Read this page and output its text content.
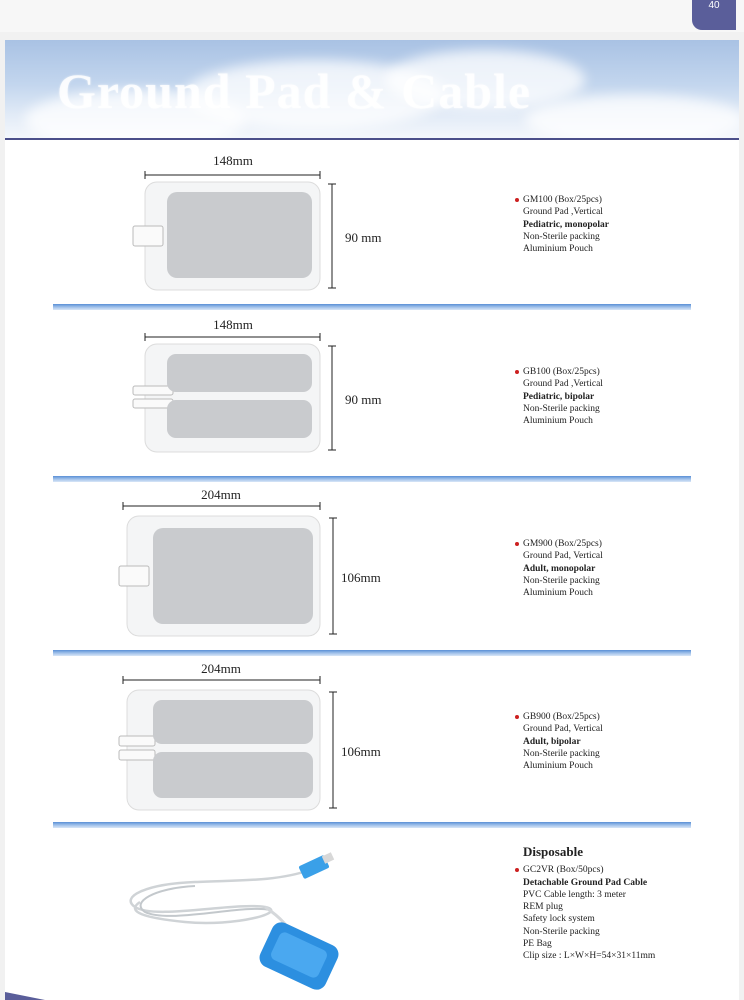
40
Ground Pad & Cable
148mm
90 mm
GM100 (Box/25pcs)
Ground Pad ,Vertical
Pediatric, monopolar
Non-Sterile packing
Aluminium Pouch
148mm
90 mm
GB100 (Box/25pcs)
Ground Pad ,Vertical
Pediatric, bipolar
Non-Sterile packing
Aluminium Pouch
204mm
106mm
GM900 (Box/25pcs)
Ground Pad, Vertical
Adult, monopolar
Non-Sterile packing
Aluminium Pouch
204mm
106mm
GB900 (Box/25pcs)
Ground Pad, Vertical
Adult, bipolar
Non-Sterile packing
Aluminium Pouch
Disposable
GC2VR (Box/50pcs)
Detachable Ground Pad Cable
PVC Cable length: 3 meter
REM plug
Safety lock system
Non-Sterile packing
PE Bag
Clip size : L×W×H=54×31×11mm
